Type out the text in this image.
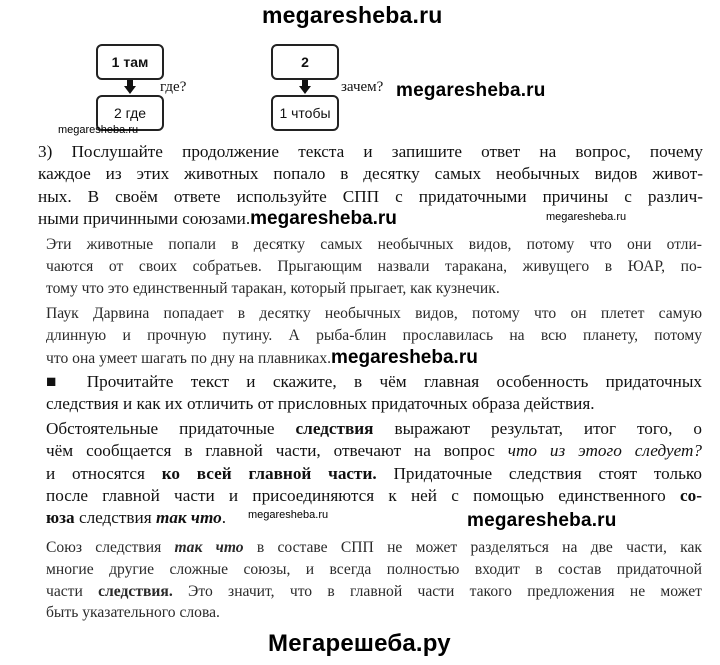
megaresheba.ru
1 там
где?
2 где
megaresheba.ru
2
зачем?
1 чтобы
megaresheba.ru
3) Послушайте продолжение текста и запишите ответ на вопрос, почему
каждое из этих животных попало в десятку самых необычных видов живот-
ных. В своём ответе используйте СПП с придаточными причины с различ-
ными причинными союзами.megaresheba.ru	megaresheba.ru
Эти животные попали в десятку самых необычных видов, потому что они отли-
чаются от своих собратьев. Прыгающим назвали таракана, живущего в ЮАР, по-
тому что это единственный таракан, который прыгает, как кузнечик.
Паук Дарвина попадает в десятку необычных видов, потому что он плетет самую
длинную и прочную путину. А рыба-блин прославилась на всю планету, потому
что она умеет шагать по дну на плавниках.megaresheba.ru
■ Прочитайте текст и скажите, в чём главная особенность придаточных
следствия и как их отличить от присловных придаточных образа действия.
Обстоятельные придаточные следствия выражают результат, итог того, о
чём сообщается в главной части, отвечают на вопрос что из этого следует?
и относятся ко всей главной части. Придаточные следствия стоят только
после главной части и присоединяются к ней с помощью единственного со-
юза следствия так что.	megaresheba.ru	megaresheba.ru
Союз следствия так что в составе СПП не может разделяться на две части, как
многие другие сложные союзы, и всегда полностью входит в состав придаточной
части следствия. Это значит, что в главной части такого предложения не может
быть указательного слова.
Мегарешеба.ру
